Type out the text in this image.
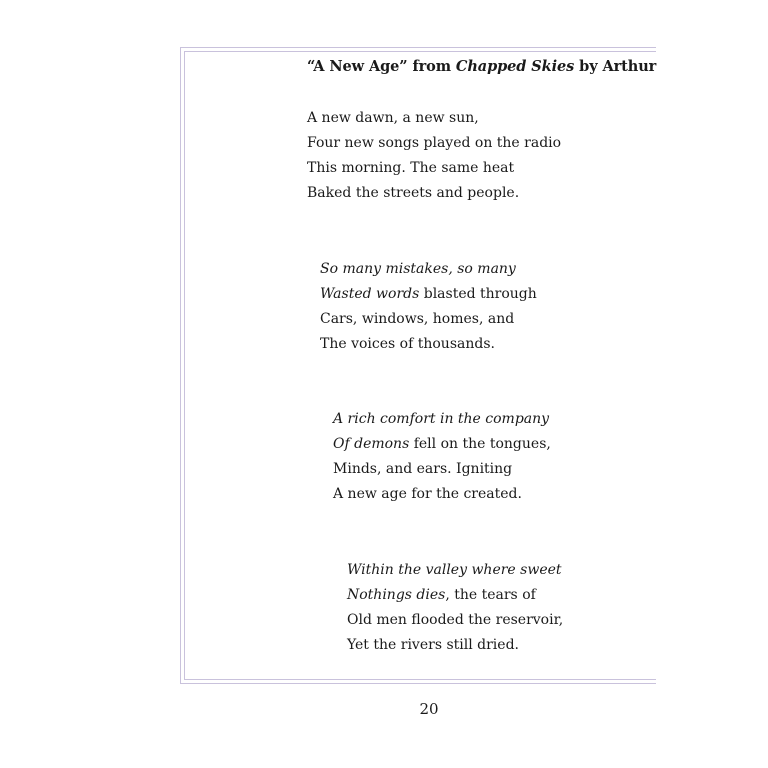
“A New Age” from Chapped Skies by Arthur
A new dawn, a new sun,
Four new songs played on the radio
This morning. The same heat
Baked the streets and people.
So many mistakes, so many
Wasted words blasted through
Cars, windows, homes, and
The voices of thousands.
A rich comfort in the company
Of demons fell on the tongues,
Minds, and ears. Igniting
A new age for the created.
Within the valley where sweet
Nothings dies, the tears of
Old men flooded the reservoir,
Yet the rivers still dried.
20
